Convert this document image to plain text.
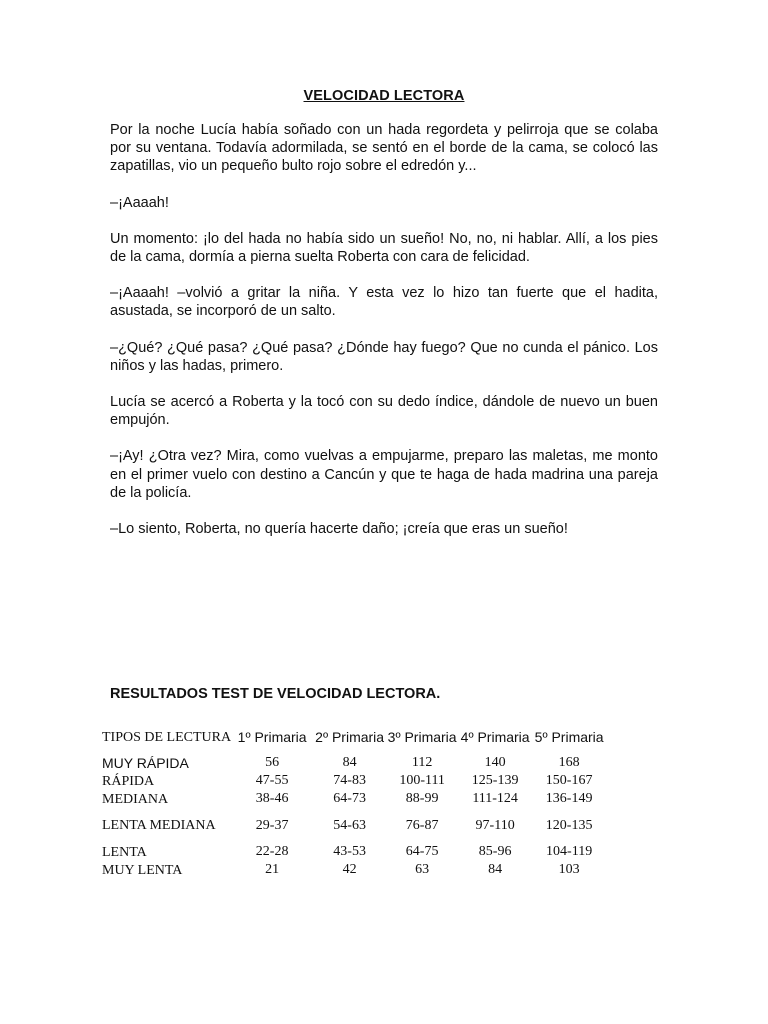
VELOCIDAD LECTORA

Por la noche Lucía había soñado con un hada regordeta y pelirroja que se colaba por su ventana. Todavía adormilada, se sentó en el borde de la cama, se colocó las zapatillas, vio un pequeño bulto rojo sobre el edredón y...

–¡Aaaah!

Un momento: ¡lo del hada no había sido un sueño! No, no, ni hablar. Allí, a los pies de la cama, dormía a pierna suelta Roberta con cara de felicidad.

–¡Aaaah! –volvió a gritar la niña. Y esta vez lo hizo tan fuerte que el hadita, asustada, se incorporó de un salto.

–¿Qué? ¿Qué pasa? ¿Qué pasa? ¿Dónde hay fuego? Que no cunda el pánico. Los niños y las hadas, primero.

Lucía se acercó a Roberta y la tocó con su dedo índice, dándole de nuevo un buen empujón.

–¡Ay! ¿Otra vez? Mira, como vuelvas a empujarme, preparo las maletas, me monto en el primer vuelo con destino a Cancún y que te haga de hada madrina una pareja de la policía.

–Lo siento, Roberta, no quería hacerte daño; ¡creía que eras un sueño!

RESULTADOS TEST DE VELOCIDAD LECTORA.
TIPOS DE LECTURA	1º Primaria	2º Primaria	3º Primaria	4º Primaria	5º Primaria
MUY RÁPIDA	56	84	112	140	168
RÁPIDA	47-55	74-83	100-111	125-139	150-167
MEDIANA	38-46	64-73	88-99	111-124	136-149
LENTA MEDIANA	29-37	54-63	76-87	97-110	120-135
LENTA	22-28	43-53	64-75	85-96	104-119
MUY LENTA	21	42	63	84	103
